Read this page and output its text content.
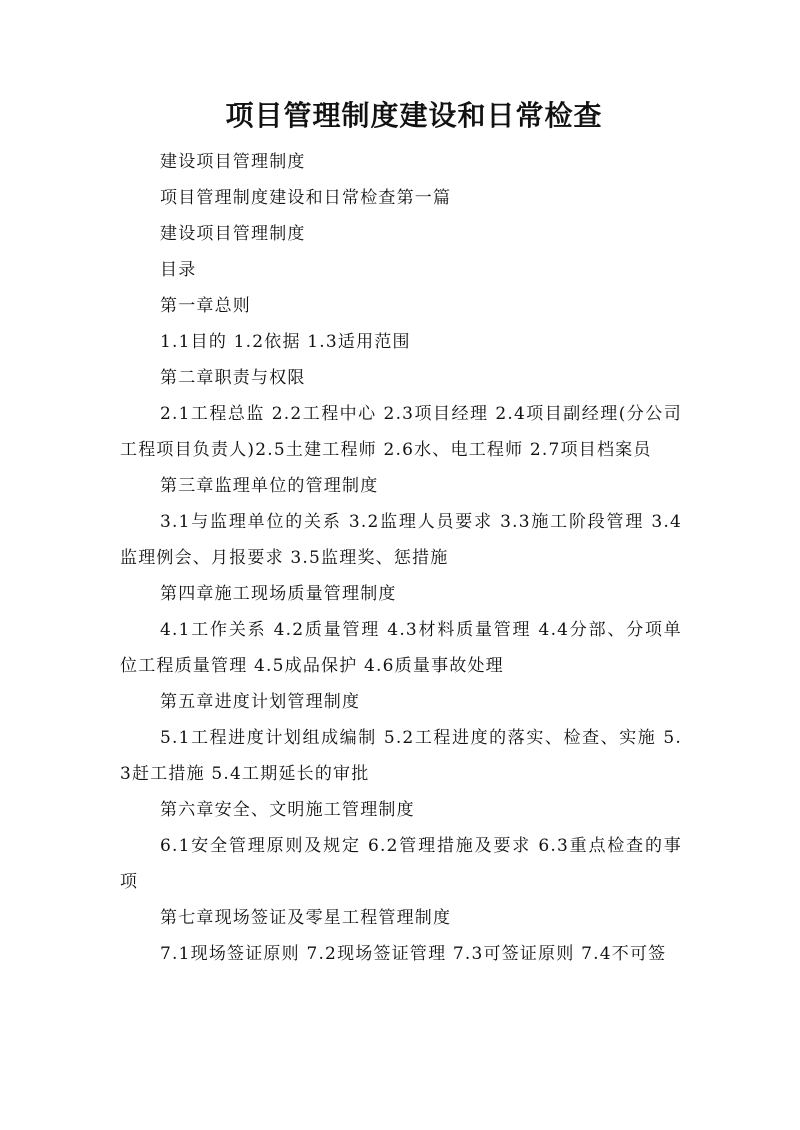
项目管理制度建设和日常检查

建设项目管理制度

项目管理制度建设和日常检查第一篇

建设项目管理制度

目录

第一章总则

1.1目的 1.2依据 1.3适用范围

第二章职责与权限

2.1工程总监 2.2工程中心 2.3项目经理 2.4项目副经理(分公司工程项目负责人)2.5土建工程师 2.6水、电工程师 2.7项目档案员

第三章监理单位的管理制度

3.1与监理单位的关系 3.2监理人员要求 3.3施工阶段管理 3.4监理例会、月报要求 3.5监理奖、惩措施

第四章施工现场质量管理制度

4.1工作关系 4.2质量管理 4.3材料质量管理 4.4分部、分项单位工程质量管理 4.5成品保护 4.6质量事故处理

第五章进度计划管理制度

5.1工程进度计划组成编制 5.2工程进度的落实、检查、实施 5.3赶工措施 5.4工期延长的审批

第六章安全、文明施工管理制度

6.1安全管理原则及规定 6.2管理措施及要求 6.3重点检查的事项

第七章现场签证及零星工程管理制度

7.1现场签证原则 7.2现场签证管理 7.3可签证原则 7.4不可签
